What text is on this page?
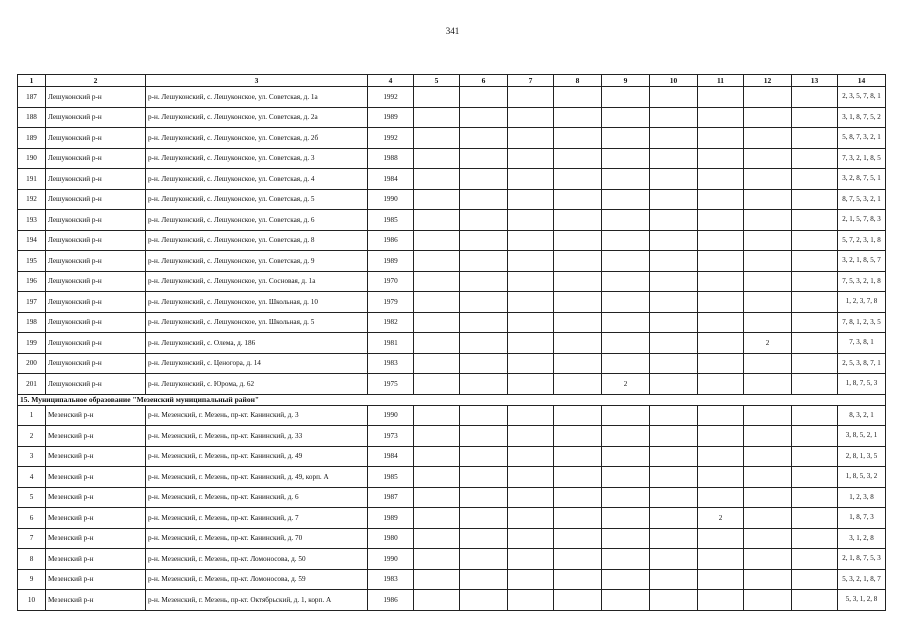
341
1	2	3	4	5	6	7	8	9	10	11	12	13	14
187	Лешуконский р-н	р-н. Лешуконский, с. Лешуконское, ул. Советская, д. 1а	1992										2, 3, 5, 7, 8, 1
188	Лешуконский р-н	р-н. Лешуконский, с. Лешуконское, ул. Советская, д. 2а	1989										3, 1, 8, 7, 5, 2
189	Лешуконский р-н	р-н. Лешуконский, с. Лешуконское, ул. Советская, д. 2б	1992										5, 8, 7, 3, 2, 1
190	Лешуконский р-н	р-н. Лешуконский, с. Лешуконское, ул. Советская, д. 3	1988										7, 3, 2, 1, 8, 5
191	Лешуконский р-н	р-н. Лешуконский, с. Лешуконское, ул. Советская, д. 4	1984										3, 2, 8, 7, 5, 1
192	Лешуконский р-н	р-н. Лешуконский, с. Лешуконское, ул. Советская, д. 5	1990										8, 7, 5, 3, 2, 1
193	Лешуконский р-н	р-н. Лешуконский, с. Лешуконское, ул. Советская, д. 6	1985										2, 1, 5, 7, 8, 3
194	Лешуконский р-н	р-н. Лешуконский, с. Лешуконское, ул. Советская, д. 8	1986										5, 7, 2, 3, 1, 8
195	Лешуконский р-н	р-н. Лешуконский, с. Лешуконское, ул. Советская, д. 9	1989										3, 2, 1, 8, 5, 7
196	Лешуконский р-н	р-н. Лешуконский, с. Лешуконское, ул. Сосновая, д. 1а	1970										7, 5, 3, 2, 1, 8
197	Лешуконский р-н	р-н. Лешуконский, с. Лешуконское, ул. Школьная, д. 10	1979										1, 2, 3, 7, 8
198	Лешуконский р-н	р-н. Лешуконский, с. Лешуконское, ул. Школьная, д. 5	1982										7, 8, 1, 2, 3, 5
199	Лешуконский р-н	р-н. Лешуконский, с. Олема, д. 186	1981								2		7, 3, 8, 1
200	Лешуконский р-н	р-н. Лешуконский, с. Ценогора, д. 14	1983										2, 5, 3, 8, 7, 1
201	Лешуконский р-н	р-н. Лешуконский, с. Юрома, д. 62	1975					2					1, 8, 7, 5, 3
15. Муниципальное образование "Мезенский муниципальный район"													
1	Мезенский р-н	р-н. Мезенский, г. Мезень, пр-кт. Канинский, д. 3	1990										8, 3, 2, 1
2	Мезенский р-н	р-н. Мезенский, г. Мезень, пр-кт. Канинский, д. 33	1973										3, 8, 5, 2, 1
3	Мезенский р-н	р-н. Мезенский, г. Мезень, пр-кт. Канинский, д. 49	1984										2, 8, 1, 3, 5
4	Мезенский р-н	р-н. Мезенский, г. Мезень, пр-кт. Канинский, д. 49, корп. А	1985										1, 8, 5, 3, 2
5	Мезенский р-н	р-н. Мезенский, г. Мезень, пр-кт. Канинский, д. 6	1987										1, 2, 3, 8
6	Мезенский р-н	р-н. Мезенский, г. Мезень, пр-кт. Канинский, д. 7	1989							2			1, 8, 7, 3
7	Мезенский р-н	р-н. Мезенский, г. Мезень, пр-кт. Канинский, д. 70	1980										3, 1, 2, 8
8	Мезенский р-н	р-н. Мезенский, г. Мезень, пр-кт. Ломоносова, д. 50	1990										2, 1, 8, 7, 5, 3
9	Мезенский р-н	р-н. Мезенский, г. Мезень, пр-кт. Ломоносова, д. 59	1983										5, 3, 2, 1, 8, 7
10	Мезенский р-н	р-н. Мезенский, г. Мезень, пр-кт. Октябрьский, д. 1, корп. А	1986										5, 3, 1, 2, 8
